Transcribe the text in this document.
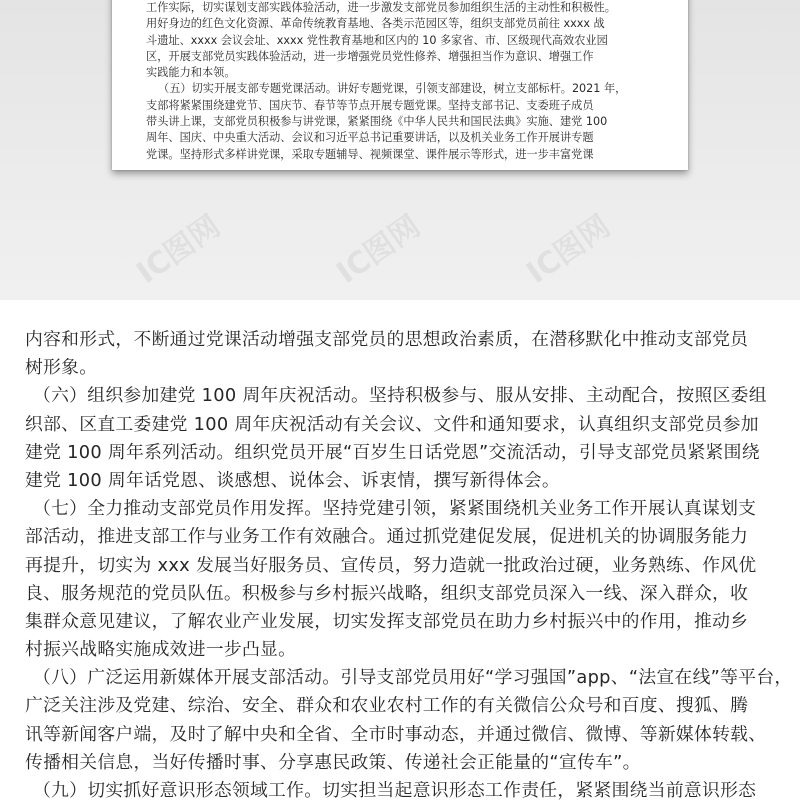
工作实际，切实谋划支部实践体验活动，进一步激发支部党员参加组织生活的主动性和积极性。
用好身边的红色文化资源、革命传统教育基地、各类示范园区等，组织支部党员前往 xxxx 战
斗遗址、xxxx 会议会址、xxxx 党性教育基地和区内的 10 多家省、市、区级现代高效农业园
区，开展支部党员实践体验活动，进一步增强党员党性修养、增强担当作为意识、增强工作
实践能力和本领。
（五）切实开展支部专题党课活动。讲好专题党课，引领支部建设，树立支部标杆。2021 年，
支部将紧紧围绕建党节、国庆节、春节等节点开展专题党课。坚持支部书记、支委班子成员
带头讲上课，支部党员积极参与讲党课，紧紧围绕《中华人民共和国民法典》实施、建党 100
周年、国庆、中央重大活动、会议和习近平总书记重要讲话，以及机关业务工作开展讲专题
党课。坚持形式多样讲党课，采取专题辅导、视频课堂、课件展示等形式，进一步丰富党课
IC图网	IC图网	IC图网
内容和形式，不断通过党课活动增强支部党员的思想政治素质，在潜移默化中推动支部党员
树形象。
（六）组织参加建党 100 周年庆祝活动。坚持积极参与、服从安排、主动配合，按照区委组
织部、区直工委建党 100 周年庆祝活动有关会议、文件和通知要求，认真组织支部党员参加
建党 100 周年系列活动。组织党员开展“百岁生日话党恩”交流活动，引导支部党员紧紧围绕
建党 100 周年话党恩、谈感想、说体会、诉衷情，撰写新得体会。
（七）全力推动支部党员作用发挥。坚持党建引领，紧紧围绕机关业务工作开展认真谋划支
部活动，推进支部工作与业务工作有效融合。通过抓党建促发展，促进机关的协调服务能力
再提升，切实为 xxx 发展当好服务员、宣传员，努力造就一批政治过硬，业务熟练、作风优
良、服务规范的党员队伍。积极参与乡村振兴战略，组织支部党员深入一线、深入群众，收
集群众意见建议，了解农业产业发展，切实发挥支部党员在助力乡村振兴中的作用，推动乡
村振兴战略实施成效进一步凸显。
（八）广泛运用新媒体开展支部活动。引导支部党员用好“学习强国”app、“法宣在线”等平台，
广泛关注涉及党建、综治、安全、群众和农业农村工作的有关微信公众号和百度、搜狐、腾
讯等新闻客户端，及时了解中央和全省、全市时事动态，并通过微信、微博、等新媒体转载、
传播相关信息，当好传播时事、分享惠民政策、传递社会正能量的“宣传车”。
（九）切实抓好意识形态领域工作。切实担当起意识形态工作责任，紧紧围绕当前意识形态
